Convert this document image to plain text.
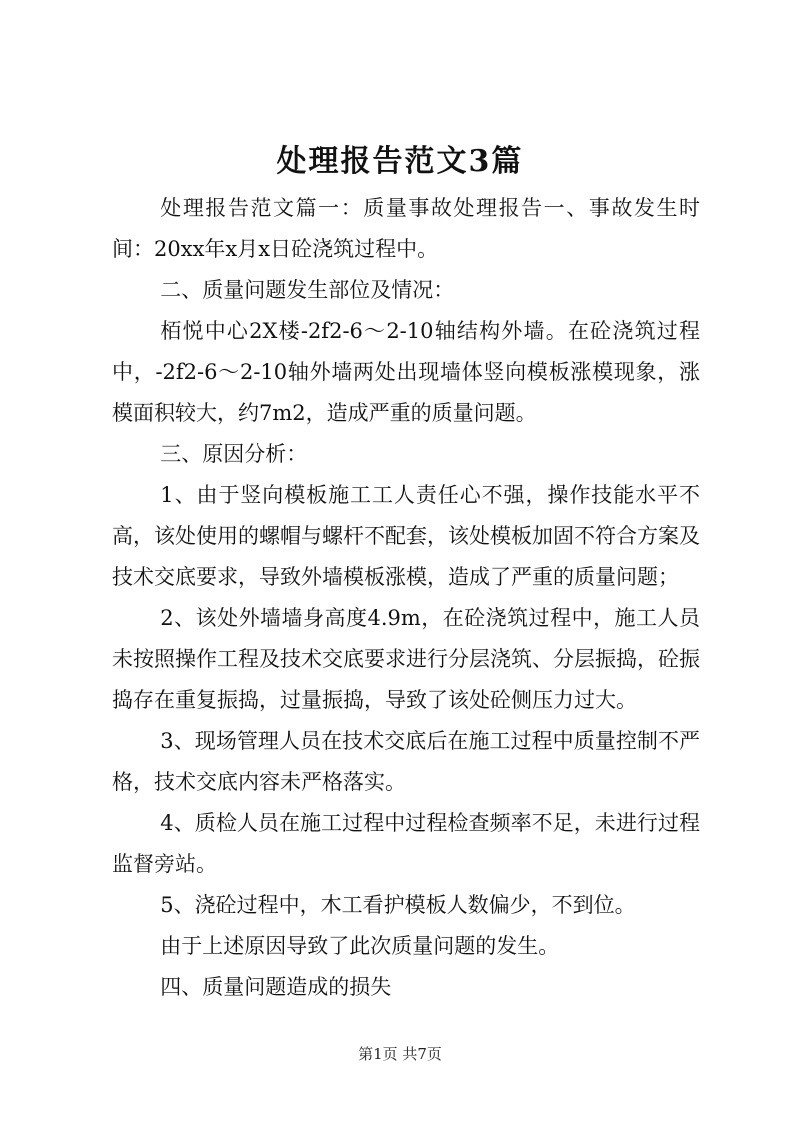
处理报告范文3篇

处理报告范文篇一：质量事故处理报告一、事故发生时间：20xx年x月x日砼浇筑过程中。

二、质量问题发生部位及情况：

栢悦中心2X楼-2f2-6～2-10轴结构外墙。在砼浇筑过程中，-2f2-6～2-10轴外墙两处出现墙体竖向模板涨模现象，涨模面积较大，约7m2，造成严重的质量问题。

三、原因分析：

1、由于竖向模板施工工人责任心不强，操作技能水平不高，该处使用的螺帽与螺杆不配套，该处模板加固不符合方案及技术交底要求，导致外墙模板涨模，造成了严重的质量问题；

2、该处外墙墙身高度4.9m，在砼浇筑过程中，施工人员未按照操作工程及技术交底要求进行分层浇筑、分层振捣，砼振捣存在重复振捣，过量振捣，导致了该处砼侧压力过大。

3、现场管理人员在技术交底后在施工过程中质量控制不严格，技术交底内容未严格落实。

4、质检人员在施工过程中过程检查频率不足，未进行过程监督旁站。

5、浇砼过程中，木工看护模板人数偏少，不到位。

由于上述原因导致了此次质量问题的发生。

四、质量问题造成的损失

第1页 共7页
